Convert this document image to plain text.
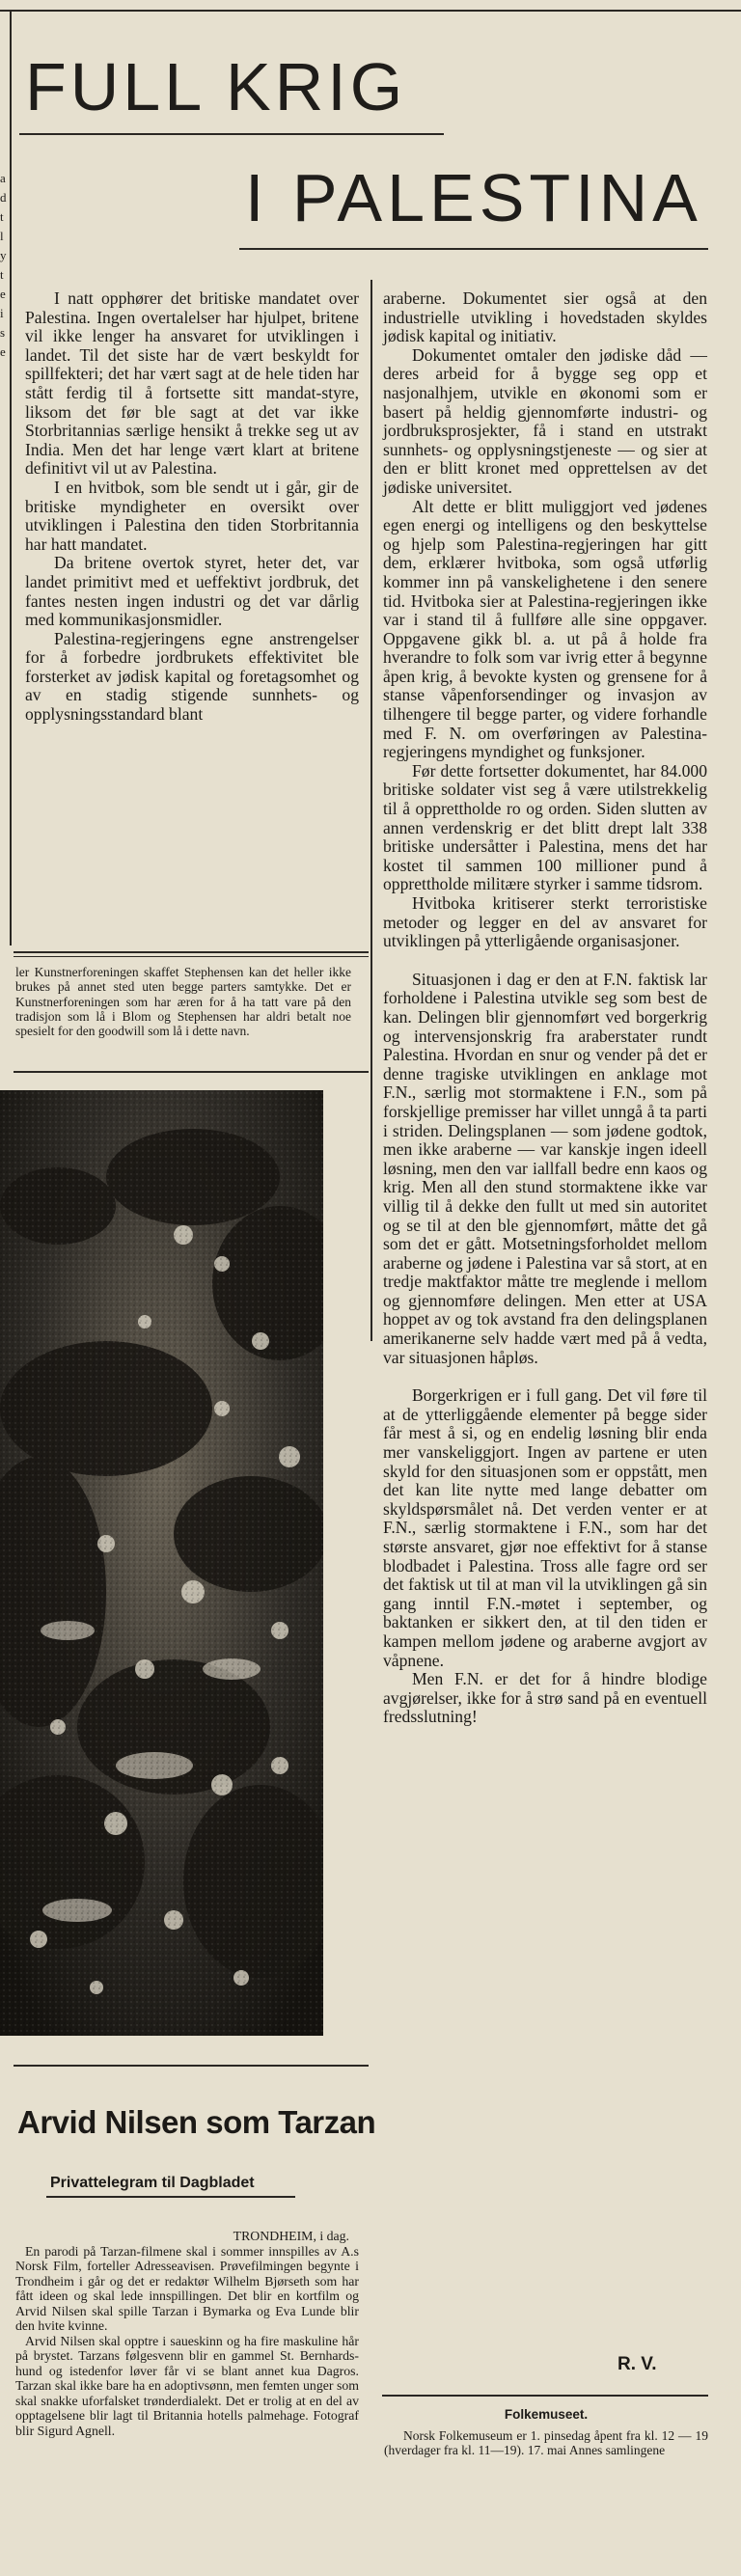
a
d
t
l
y
t
e
i
s
e
FULL KRIG
I PALESTINA

I natt opphører det britiske mandatet over Palestina. Ingen overtalelser har hjulpet, britene vil ikke lenger ha ansvaret for utviklingen i landet. Til det siste har de vært beskyldt for spillfekteri; det har vært sagt at de hele tiden har stått ferdig til å fortsette sitt mandat-styre, liksom det før ble sagt at det var ikke Storbritannias særlige hensikt å trekke seg ut av India. Men det har lenge vært klart at britene definitivt vil ut av Palestina.

I en hvitbok, som ble sendt ut i går, gir de britiske myndigheter en oversikt over utviklingen i Palestina den tiden Storbritannia har hatt mandatet.

Da britene overtok styret, heter det, var landet primitivt med et ueffektivt jordbruk, det fantes nesten ingen industri og det var dårlig med kommunikasjonsmidler.

Palestina-regjeringens egne anstrengelser for å forbedre jordbrukets effektivitet ble forsterket av jødisk kapital og foretagsomhet og av en stadig stigende sunnhets- og opplysningsstandard blant

araberne. Dokumentet sier også at den industrielle utvikling i hovedstaden skyldes jødisk kapital og initiativ.

Dokumentet omtaler den jødiske dåd — deres arbeid for å bygge seg opp et nasjonalhjem, utvikle en økonomi som er basert på heldig gjennomførte industri- og jordbruksprosjekter, få i stand en utstrakt sunnhets- og opplysningstjeneste — og sier at den er blitt kronet med opprettelsen av det jødiske universitet.

Alt dette er blitt muliggjort ved jødenes egen energi og intelligens og den beskyttelse og hjelp som Palestina-regjeringen har gitt dem, erklærer hvitboka, som også utførlig kommer inn på vanskelighetene i den senere tid. Hvitboka sier at Palestina-regjeringen ikke var i stand til å fullføre alle sine oppgaver. Oppgavene gikk bl. a. ut på å holde fra hverandre to folk som var ivrig etter å begynne åpen krig, å bevokte kysten og grensene for å stanse våpenforsendinger og invasjon av tilhengere til begge parter, og videre forhandle med F. N. om overføringen av Palestina-regjeringens myndighet og funksjoner.

Før dette fortsetter dokumentet, har 84.000 britiske soldater vist seg å være utilstrekkelig til å opprettholde ro og orden. Siden slutten av annen verdenskrig er det blitt drept lalt 338 britiske undersåtter i Palestina, mens det har kostet til sammen 100 millioner pund å opprettholde militære styrker i samme tidsrom.

Hvitboka kritiserer sterkt terroristiske metoder og legger en del av ansvaret for utviklingen på ytterligående organisasjoner.

Situasjonen i dag er den at F.N. faktisk lar forholdene i Palestina utvikle seg som best de kan. Delingen blir gjennomført ved borgerkrig og intervensjonskrig fra araberstater rundt Palestina. Hvordan en snur og vender på det er denne tragiske utviklingen en anklage mot F.N., særlig mot stormaktene i F.N., som på forskjellige premisser har villet unngå å ta parti i striden. Delingsplanen — som jødene godtok, men ikke araberne — var kanskje ingen ideell løsning, men den var iallfall bedre enn kaos og krig. Men all den stund stormaktene ikke var villig til å dekke den fullt ut med sin autoritet og se til at den ble gjennomført, måtte det gå som det er gått. Motsetningsforholdet mellom araberne og jødene i Palestina var så stort, at en tredje maktfaktor måtte tre meglende i mellom og gjennomføre delingen. Men etter at USA hoppet av og tok avstand fra den delingsplanen amerikanerne selv hadde vært med på å vedta, var situasjonen håpløs.

Borgerkrigen er i full gang. Det vil føre til at de ytterliggående elementer på begge sider får mest å si, og en endelig løsning blir enda mer vanskeliggjort. Ingen av partene er uten skyld for den situasjonen som er oppstått, men det kan lite nytte med lange debatter om skyldspørsmålet nå. Det verden venter er at F.N., særlig stormaktene i F.N., som har det største ansvaret, gjør noe effektivt for å stanse blodbadet i Palestina. Tross alle fagre ord ser det faktisk ut til at man vil la utviklingen gå sin gang inntil F.N.-møtet i september, og baktanken er sikkert den, at til den tiden er kampen mellom jødene og araberne avgjort av våpnene.

Men F.N. er det for å hindre blodige avgjørelser, ikke for å strø sand på en eventuell fredsslutning!

R. V.

ler Kunstnerforeningen skaffet Stephensen kan det heller ikke brukes på annet sted uten begge parters samtykke. Det er Kunstnerforeningen som har æren for å ha tatt vare på den tradisjon som lå i Blom og Stephensen har aldri betalt noe spesielt for den goodwill som lå i dette navn.

Arvid Nilsen som Tarzan
Privattelegram til Dagbladet

TRONDHEIM, i dag.

En parodi på Tarzan-filmene skal i sommer innspilles av A.s Norsk Film, forteller Adresseavisen. Prøvefilmingen begynte i Trondheim i går og det er redaktør Wilhelm Bjørseth som har fått ideen og skal lede innspillingen. Det blir en kortfilm og Arvid Nilsen skal spille Tarzan i Bymarka og Eva Lunde blir den hvite kvinne.

Arvid Nilsen skal opptre i saueskinn og ha fire maskuline hår på brystet. Tarzans følgesvenn blir en gammel St. Bernhards-hund og istedenfor løver får vi se blant annet kua Dagros. Tarzan skal ikke bare ha en adoptivsønn, men femten unger som skal snakke uforfalsket trønderdialekt. Det er trolig at en del av opptagelsene blir lagt til Britannia hotells palmehage. Fotograf blir Sigurd Agnell.

Folkemuseet.
Norsk Folkemuseum er 1. pinsedag åpent fra kl. 12 — 19 (hverdager fra kl. 11—19). 17. mai Annes samlingene
